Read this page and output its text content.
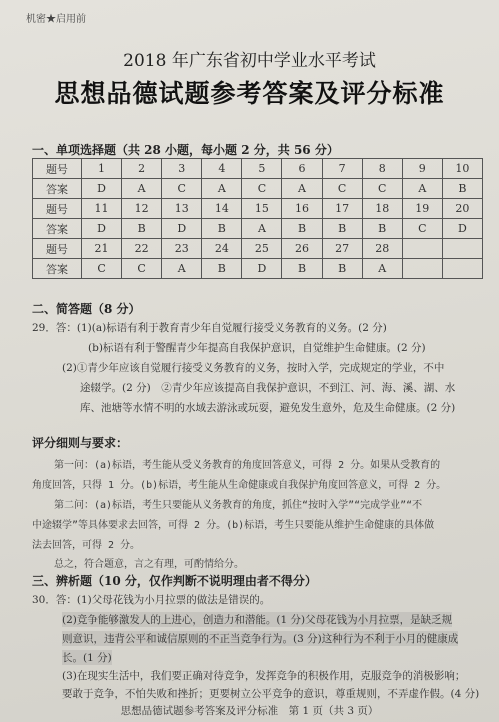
机密★启用前
2018 年广东省初中学业水平考试
思想品德试题参考答案及评分标准
一、单项选择题（共 28 小题，每小题 2 分，共 56 分）
题号	1	2	3	4	5	6	7	8	9	10
答案	D	A	C	A	C	A	C	C	A	B
题号	11	12	13	14	15	16	17	18	19	20
答案	D	B	D	B	A	B	B	B	C	D
题号	21	22	23	24	25	26	27	28		
答案	C	C	A	B	D	B	B	A		
二、简答题（8 分）
29．答：(1)(a)标语有利于教育青少年自觉履行接受义务教育的义务。(2 分)
(b)标语有利于警醒青少年提高自我保护意识，自觉维护生命健康。(2 分)
(2)①青少年应该自觉履行接受义务教育的义务，按时入学，完成规定的学业，不中
途辍学。(2 分)　②青少年应该提高自我保护意识，不到江、河、海、溪、湖、水
库、池塘等水情不明的水域去游泳或玩耍，避免发生意外，危及生命健康。(2 分)
评分细则与要求：
第一问：(a)标语，考生能从受义务教育的角度回答意义，可得 2 分。如果从受教育的
角度回答，只得 1 分。(b)标语，考生能从生命健康或自我保护角度回答意义，可得 2 分。
第二问：(a)标语，考生只要能从义务教育的角度，抓住“按时入学”“完成学业”“不
中途辍学”等具体要求去回答，可得 2 分。(b)标语，考生只要能从维护生命健康的具体做
法去回答，可得 2 分。
总之，符合题意，言之有理，可酌情给分。
三、辨析题（10 分，仅作判断不说明理由者不得分）
30．答：(1)父母花钱为小月拉票的做法是错误的。
(2)竞争能够激发人的上进心，创造力和潜能。(1 分)父母花钱为小月拉票，是缺乏规
则意识，违背公平和诚信原则的不正当竞争行为。(3 分)这种行为不利于小月的健康成
长。(1 分)
(3)在现实生活中，我们要正确对待竞争，发挥竞争的积极作用，克服竞争的消极影响；
要敢于竞争，不怕失败和挫折；更要树立公平竞争的意识，尊重规则，不弄虚作假。(4 分)
思想品德试题参考答案及评分标准　第 1 页（共 3 页）
